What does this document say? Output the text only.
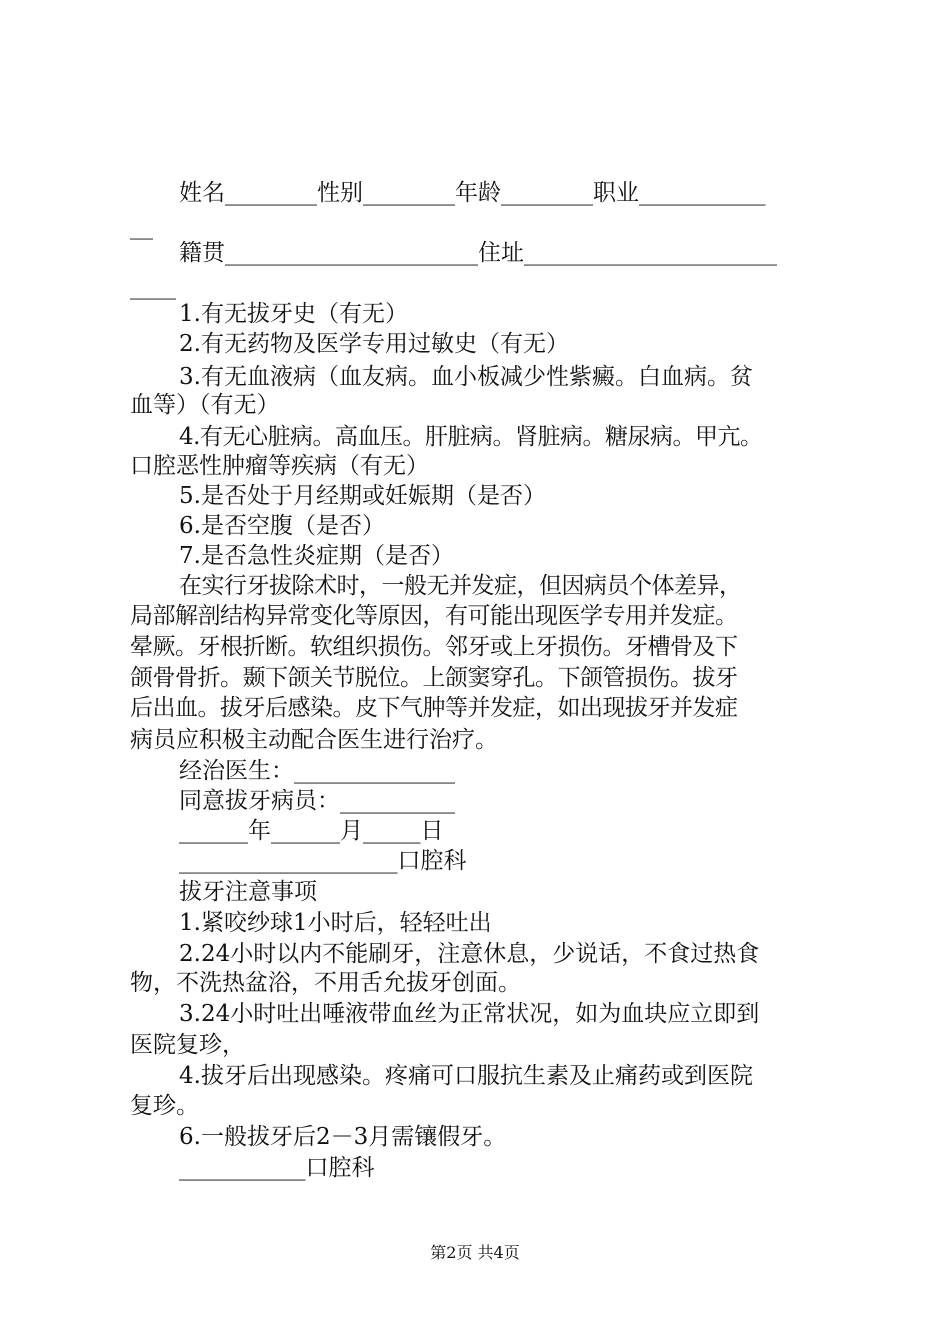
姓名________性别________年龄________职业___________
__
籍贯______________________住址______________________
____
1.有无拔牙史（有无）
2.有无药物及医学专用过敏史（有无）
3.有无血液病（血友病。血小板减少性紫癜。白血病。贫
血等）（有无）
4.有无心脏病。高血压。肝脏病。肾脏病。糖尿病。甲亢。
口腔恶性肿瘤等疾病（有无）
5.是否处于月经期或妊娠期（是否）
6.是否空腹（是否）
7.是否急性炎症期（是否）
在实行牙拔除术时，一般无并发症，但因病员个体差异，
局部解剖结构异常变化等原因，有可能出现医学专用并发症。
晕厥。牙根折断。软组织损伤。邻牙或上牙损伤。牙槽骨及下
颌骨骨折。颞下颌关节脱位。上颌窦穿孔。下颌管损伤。拔牙
后出血。拔牙后感染。皮下气肿等并发症，如出现拔牙并发症
病员应积极主动配合医生进行治疗。
经治医生：______________
同意拔牙病员：__________
______年______月_____日
___________________口腔科
拔牙注意事项
1.紧咬纱球1小时后，轻轻吐出
2.24小时以内不能刷牙，注意休息，少说话，不食过热食
物，不洗热盆浴，不用舌允拔牙创面。
3.24小时吐出唾液带血丝为正常状况，如为血块应立即到
医院复珍，
4.拔牙后出现感染。疼痛可口服抗生素及止痛药或到医院
复珍。
6.一般拔牙后2－3月需镶假牙。
___________口腔科
第2页 共4页
